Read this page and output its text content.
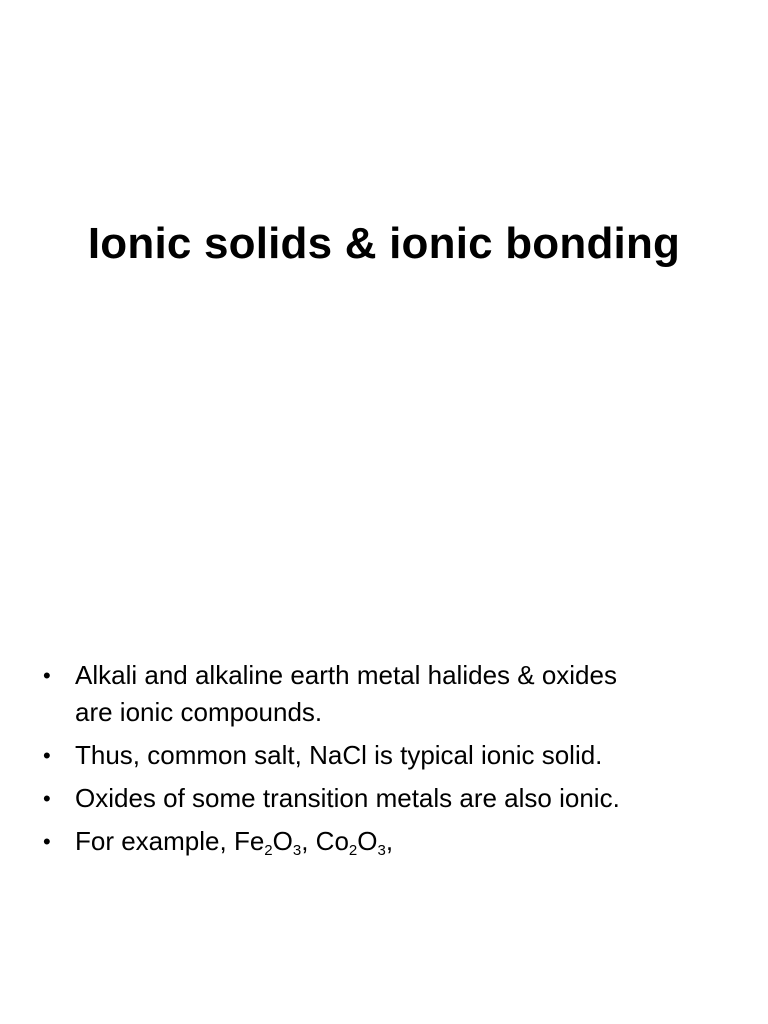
Ionic solids & ionic bonding
• Alkali and alkaline earth metal halides & oxides
are ionic compounds.
• Thus, common salt, NaCl is typical ionic solid.
• Oxides of some transition metals are also ionic.
• For example, $Fe_2O_3$, $Co_2O_3$,
